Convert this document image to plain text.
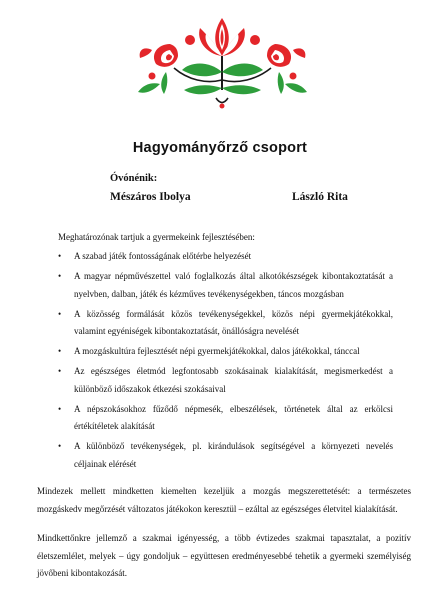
Hagyományőrző csoport
Óvónénik:
Mészáros Ibolya	László Rita
Meghatározónak tartjuk a gyermekeink fejlesztésében:
• A szabad játék fontosságának előtérbe helyezését
• A magyar népművészettel való foglalkozás által alkotókészségek kibontakoztatását a nyelvben, dalban, játék és kézműves tevékenységekben, táncos mozgásban
• A közösség formálását közös tevékenységekkel, közös népi gyermekjátékokkal, valamint egyéniségek kibontakoztatását, önállóságra nevelését
• A mozgáskultúra fejlesztését népi gyermekjátékokkal, dalos játékokkal, tánccal
• Az egészséges életmód legfontosabb szokásainak kialakítását, megismerkedést a különböző időszakok étkezési szokásaival
• A népszokásokhoz fűződő népmesék, elbeszélések, történetek által az erkölcsi értékítéletek alakítását
• A különböző tevékenységek, pl. kirándulások segítségével a környezeti nevelés céljainak elérését
Mindezek mellett mindketten kiemelten kezeljük a mozgás megszerettetését: a természetes mozgáskedv megőrzését változatos játékokon keresztül – ezáltal az egészséges életvitel kialakítását.
Mindkettőnkre jellemző a szakmai igényesség, a több évtizedes szakmai tapasztalat, a pozitív életszemlélet, melyek – úgy gondoljuk – együttesen eredményesebbé tehetik a gyermeki személyiség jövőbeni kibontakozását.
